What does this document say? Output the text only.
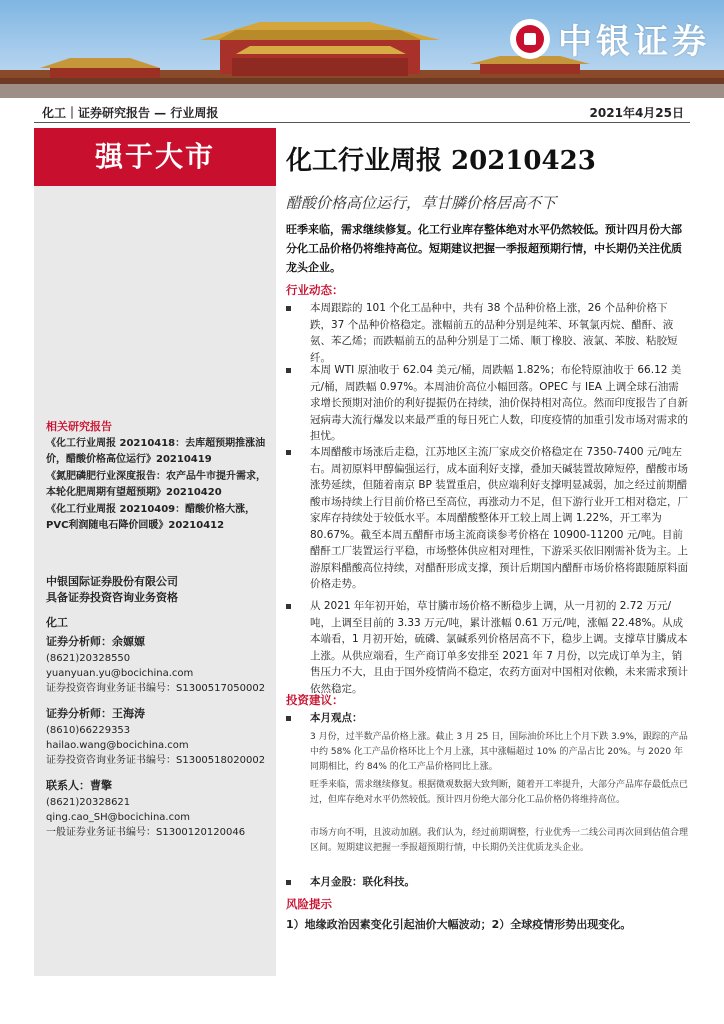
中银证券
化工｜证券研究报告 — 行业周报	2021年4月25日
强于大市
相关研究报告
《化工行业周报 20210418：去库超预期推涨油价，醋酸价格高位运行》20210419
《氮肥磷肥行业深度报告：农产品牛市提升需求，本轮化肥周期有望超预期》20210420
《化工行业周报 20210409：醋酸价格大涨，PVC利润随电石降价回暖》20210412
中银国际证券股份有限公司
具备证券投资咨询业务资格
化工
证券分析师：余嫄嫄
(8621)20328550
yuanyuan.yu@bocichina.com
证券投资咨询业务证书编号：S1300517050002
证券分析师：王海涛
(8610)66229353
hailao.wang@bocichina.com
证券投资咨询业务证书编号：S1300518020002
联系人：曹擎
(8621)20328621
qing.cao_SH@bocichina.com
一般证券业务证书编号：S1300120120046
化工行业周报 20210423
醋酸价格高位运行，草甘膦价格居高不下
旺季来临，需求继续修复。化工行业库存整体绝对水平仍然较低。预计四月份大部分化工品价格仍将维持高位。短期建议把握一季报超预期行情，中长期仍关注优质龙头企业。
行业动态：
本周跟踪的 101 个化工品种中，共有 38 个品种价格上涨，26 个品种价格下跌，37 个品种价格稳定。涨幅前五的品种分别是纯苯、环氧氯丙烷、醋酐、液氨、苯乙烯；而跌幅前五的品种分别是丁二烯、顺丁橡胶、液氯、苯胺、粘胶短纤。
本周 WTI 原油收于 62.04 美元/桶，周跌幅 1.82%；布伦特原油收于 66.12 美元/桶，周跌幅 0.97%。本周油价高位小幅回落。OPEC 与 IEA 上调全球石油需求增长预期对油价的利好提振仍在持续，油价保持相对高位。然而印度报告了自新冠病毒大流行爆发以来最严重的每日死亡人数，印度疫情的加重引发市场对需求的担忧。
本周醋酸市场涨后走稳，江苏地区主流厂家成交价格稳定在 7350-7400 元/吨左右。周初原料甲醇偏强运行，成本面利好支撑，叠加天碱装置故障短停，醋酸市场涨势延续，但随着南京 BP 装置重启，供应端利好支撑明显减弱，加之经过前期醋酸市场持续上行目前价格已至高位，再涨动力不足，但下游行业开工相对稳定，厂家库存持续处于较低水平。本周醋酸整体开工较上周上调 1.22%，开工率为 80.67%。截至本周五醋酐市场主流商谈参考价格在 10900-11200 元/吨。目前醋酐工厂装置运行平稳，市场整体供应相对理性，下游采买依旧刚需补货为主。上游原料醋酸高位持续，对醋酐形成支撑，预计后期国内醋酐市场价格将跟随原料面价格走势。
从 2021 年年初开始，草甘膦市场价格不断稳步上调，从一月初的 2.72 万元/吨，上调至目前的 3.33 万元/吨，累计涨幅 0.61 万元/吨，涨幅 22.48%。从成本端看，1 月初开始，硫磷、氯碱系列价格居高不下，稳步上调。支撑草甘膦成本上涨。从供应端看，生产商订单多安排至 2021 年 7 月份，以完成订单为主，销售压力不大，且由于国外疫情尚不稳定，农药方面对中国相对依赖，未来需求预计依然稳定。
投资建议：
本月观点：
3 月份，过半数产品价格上涨。截止 3 月 25 日，国际油价环比上个月下跌 3.9%，跟踪的产品中约 58% 化工产品价格环比上个月上涨，其中涨幅超过 10% 的产品占比 20%。与 2020 年同期相比，约 84% 的化工产品价格同比上涨。
旺季来临，需求继续修复。根据微观数据大致判断，随着开工率提升，大部分产品库存最低点已过，但库存绝对水平仍然较低。预计四月份绝大部分化工品价格仍将维持高位。
市场方向不明，且波动加剧。我们认为，经过前期调整，行业优秀一二线公司再次回到估值合理区间。短期建议把握一季报超预期行情，中长期仍关注优质龙头企业。
本月金股：联化科技。
风险提示
1）地缘政治因素变化引起油价大幅波动；2）全球疫情形势出现变化。
